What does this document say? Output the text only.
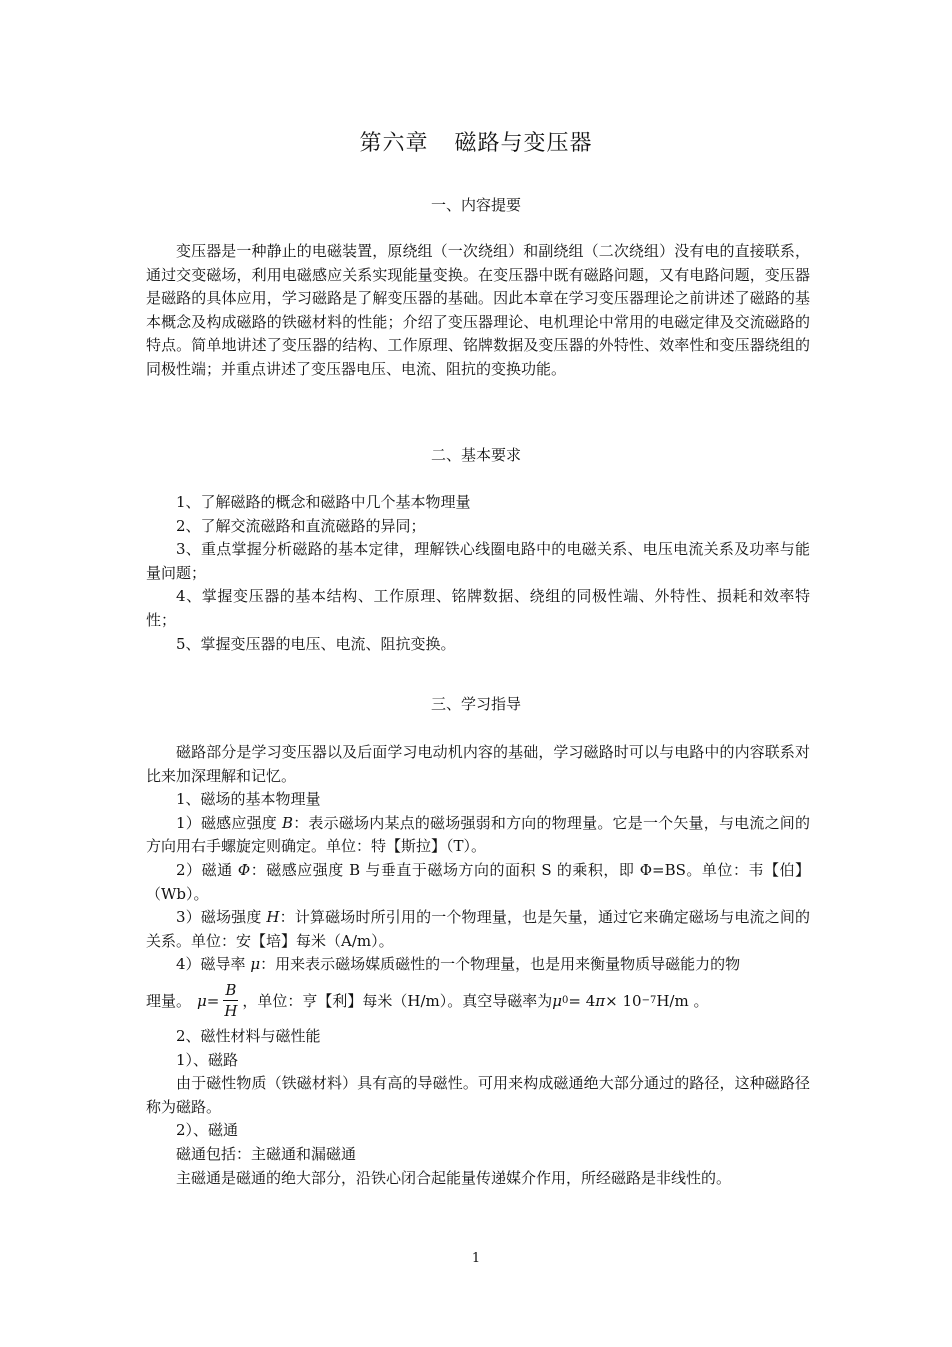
第六章 磁路与变压器
一、内容提要

变压器是一种静止的电磁装置，原绕组（一次绕组）和副绕组（二次绕组）没有电的直接联系，通过交变磁场，利用电磁感应关系实现能量变换。在变压器中既有磁路问题，又有电路问题，变压器是磁路的具体应用，学习磁路是了解变压器的基础。因此本章在学习变压器理论之前讲述了磁路的基本概念及构成磁路的铁磁材料的性能；介绍了变压器理论、电机理论中常用的电磁定律及交流磁路的特点。简单地讲述了变压器的结构、工作原理、铭牌数据及变压器的外特性、效率性和变压器绕组的同极性端；并重点讲述了变压器电压、电流、阻抗的变换功能。

二、基本要求

1、了解磁路的概念和磁路中几个基本物理量

2、了解交流磁路和直流磁路的异同；

3、重点掌握分析磁路的基本定律，理解铁心线圈电路中的电磁关系、电压电流关系及功率与能量问题；

4、掌握变压器的基本结构、工作原理、铭牌数据、绕组的同极性端、外特性、损耗和效率特性；

5、掌握变压器的电压、电流、阻抗变换。

三、学习指导

磁路部分是学习变压器以及后面学习电动机内容的基础，学习磁路时可以与电路中的内容联系对比来加深理解和记忆。

1、磁场的基本物理量

1）磁感应强度 B：表示磁场内某点的磁场强弱和方向的物理量。它是一个矢量，与电流之间的方向用右手螺旋定则确定。单位：特【斯拉】（T）。

2）磁通 Φ：磁感应强度 B 与垂直于磁场方向的面积 S 的乘积，即 Φ=BS。单位：韦【伯】（Wb）。

3）磁场强度 H：计算磁场时所引用的一个物理量，也是矢量，通过它来确定磁场与电流之间的关系。单位：安【培】每米（A/m）。

4）磁导率 μ：用来表示磁场媒质磁性的一个物理量，也是用来衡量物质导磁能力的物

理量。 $\mu = \frac{B}{H}$ ，单位：亨【利】每米（H/m）。真空导磁率为 μ 0 = 4 π × 10 −7 H/m 。

2、磁性材料与磁性能

1）、磁路

由于磁性物质（铁磁材料）具有高的导磁性。可用来构成磁通绝大部分通过的路径，这种磁路径称为磁路。

2）、磁通

磁通包括：主磁通和漏磁通

主磁通是磁通的绝大部分，沿铁心闭合起能量传递媒介作用，所经磁路是非线性的。

1
